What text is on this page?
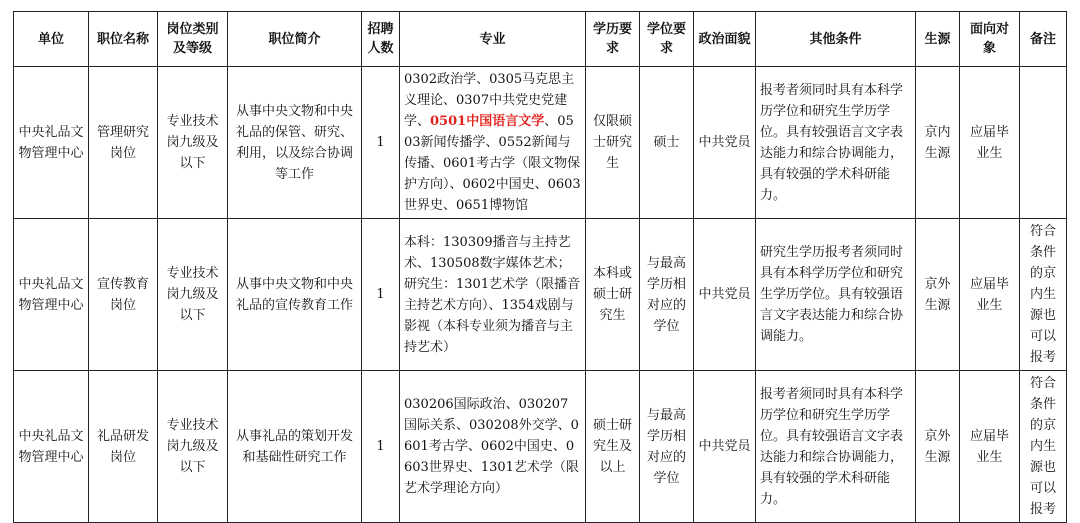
单位	职位名称	岗位类别及等级	职位简介	招聘人数	专业	学历要求	学位要求	政治面貌	其他条件	生源	面向对象	备注
中央礼品文物管理中心	管理研究岗位	专业技术岗九级及以下	从事中央文物和中央礼品的保管、研究、利用，以及综合协调等工作	1	0302政治学、0305马克思主义理论、0307中共党史党建学、0501中国语言文学、0503新闻传播学、0552新闻与传播、0601考古学（限文物保护方向）、0602中国史、0603世界史、0651博物馆	仅限硕士研究生	硕士	中共党员	报考者须同时具有本科学历学位和研究生学历学位。具有较强语言文字表达能力和综合协调能力，具有较强的学术科研能力。	京内生源	应届毕业生	
中央礼品文物管理中心	宣传教育岗位	专业技术岗九级及以下	从事中央文物和中央礼品的宣传教育工作	1	本科：130309播音与主持艺术、130508数字媒体艺术；研究生：1301艺术学（限播音主持艺术方向）、1354戏剧与影视（本科专业须为播音与主持艺术）	本科或硕士研究生	与最高学历相对应的学位	中共党员	研究生学历报考者须同时具有本科学历学位和研究生学历学位。具有较强语言文字表达能力和综合协调能力。	京外生源	应届毕业生	符合条件的京内生源也可以报考
中央礼品文物管理中心	礼品研发岗位	专业技术岗九级及以下	从事礼品的策划开发和基础性研究工作	1	030206国际政治、030207国际关系、030208外交学、0601考古学、0602中国史、0603世界史、1301艺术学（限艺术学理论方向）	硕士研究生及以上	与最高学历相对应的学位	中共党员	报考者须同时具有本科学历学位和研究生学历学位。具有较强语言文字表达能力和综合协调能力，具有较强的学术科研能力。	京外生源	应届毕业生	符合条件的京内生源也可以报考
